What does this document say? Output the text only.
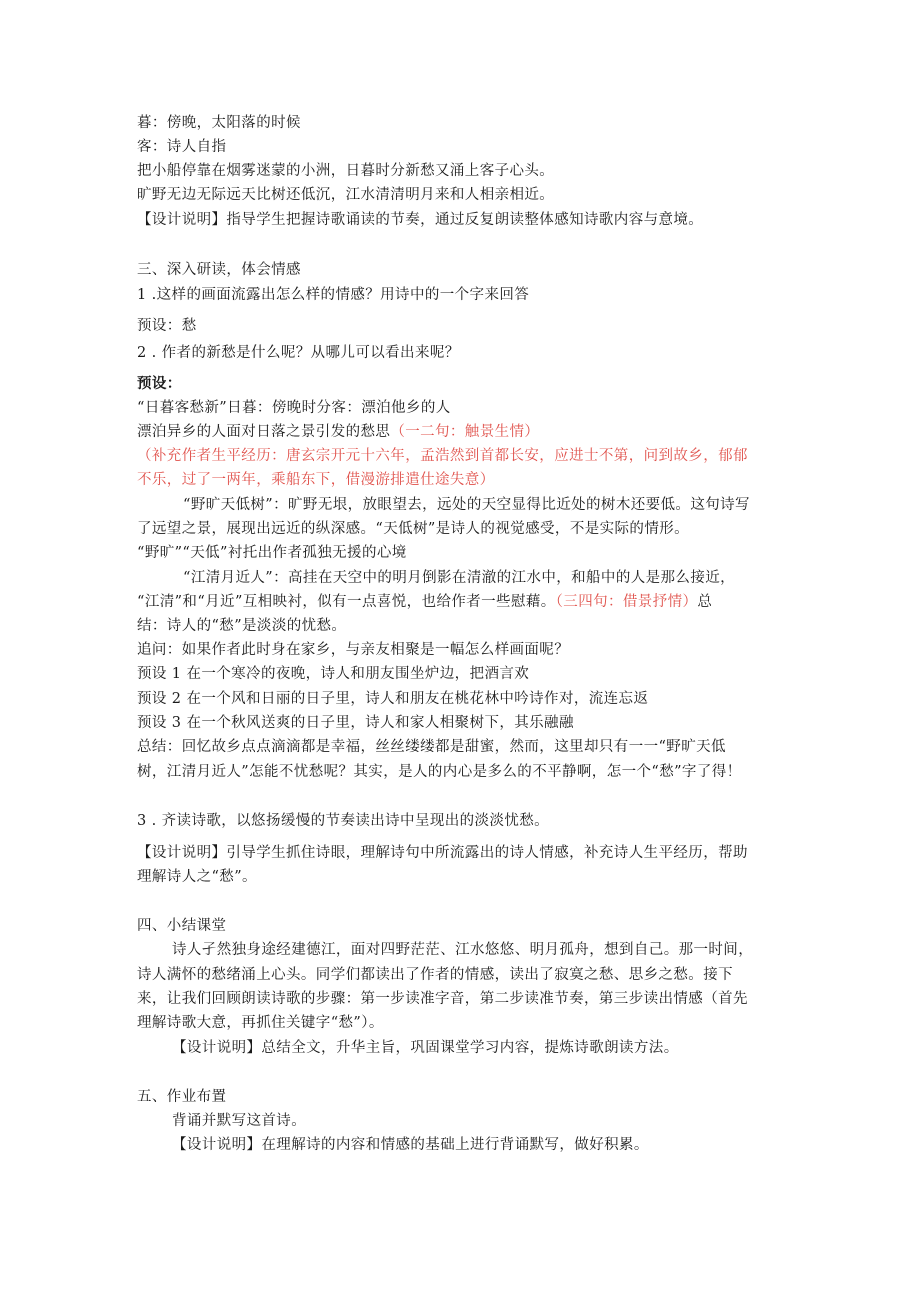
暮：傍晚，太阳落的时候
客：诗人自指
把小船停靠在烟雾迷蒙的小洲，日暮时分新愁又涌上客子心头。
旷野无边无际远天比树还低沉，江水清清明月来和人相亲相近。
【设计说明】指导学生把握诗歌诵读的节奏，通过反复朗读整体感知诗歌内容与意境。
三、深入研读，体会情感
1 .这样的画面流露出怎么样的情感？用诗中的一个字来回答
预设：愁
2 . 作者的新愁是什么呢？从哪儿可以看出来呢？
预设：
“日暮客愁新”日暮：傍晚时分客：漂泊他乡的人
漂泊异乡的人面对日落之景引发的愁思（一二句：触景生情）
（补充作者生平经历：唐玄宗开元十六年，孟浩然到首都长安，应进士不第，问到故乡，郁郁
不乐，过了一两年，乘船东下，借漫游排遣仕途失意）
“野旷天低树”：旷野无垠，放眼望去，远处的天空显得比近处的树木还要低。这句诗写
了远望之景，展现出远近的纵深感。“天低树”是诗人的视觉感受，不是实际的情形。
“野旷”“天低”衬托出作者孤独无援的心境
“江清月近人”：高挂在天空中的明月倒影在清澈的江水中，和船中的人是那么接近，
“江清”和“月近”互相映衬，似有一点喜悦，也给作者一些慰藉。（三四句：借景抒情）总
结：诗人的“愁”是淡淡的忧愁。
追问：如果作者此时身在家乡，与亲友相聚是一幅怎么样画面呢？
预设 1 在一个寒冷的夜晚，诗人和朋友围坐炉边，把酒言欢
预设 2 在一个风和日丽的日子里，诗人和朋友在桃花林中吟诗作对，流连忘返
预设 3 在一个秋风送爽的日子里，诗人和家人相聚树下，其乐融融
总结：回忆故乡点点滴滴都是幸福，丝丝缕缕都是甜蜜，然而，这里却只有一一“野旷天低
树，江清月近人”怎能不忧愁呢？其实，是人的内心是多么的不平静啊，怎一个“愁”字了得！
3 . 齐读诗歌，以悠扬缓慢的节奏读出诗中呈现出的淡淡忧愁。
【设计说明】引导学生抓住诗眼，理解诗句中所流露出的诗人情感，补充诗人生平经历，帮助
理解诗人之“愁”。
四、小结课堂
诗人孑然独身途经建德江，面对四野茫茫、江水悠悠、明月孤舟，想到自己。那一时间，
诗人满怀的愁绪涌上心头。同学们都读出了作者的情感，读出了寂寞之愁、思乡之愁。接下
来，让我们回顾朗读诗歌的步骤：第一步读准字音，第二步读准节奏，第三步读出情感（首先
理解诗歌大意，再抓住关键字“愁”）。
【设计说明】总结全文，升华主旨，巩固课堂学习内容，提炼诗歌朗读方法。
五、作业布置
背诵并默写这首诗。
【设计说明】在理解诗的内容和情感的基础上进行背诵默写，做好积累。
